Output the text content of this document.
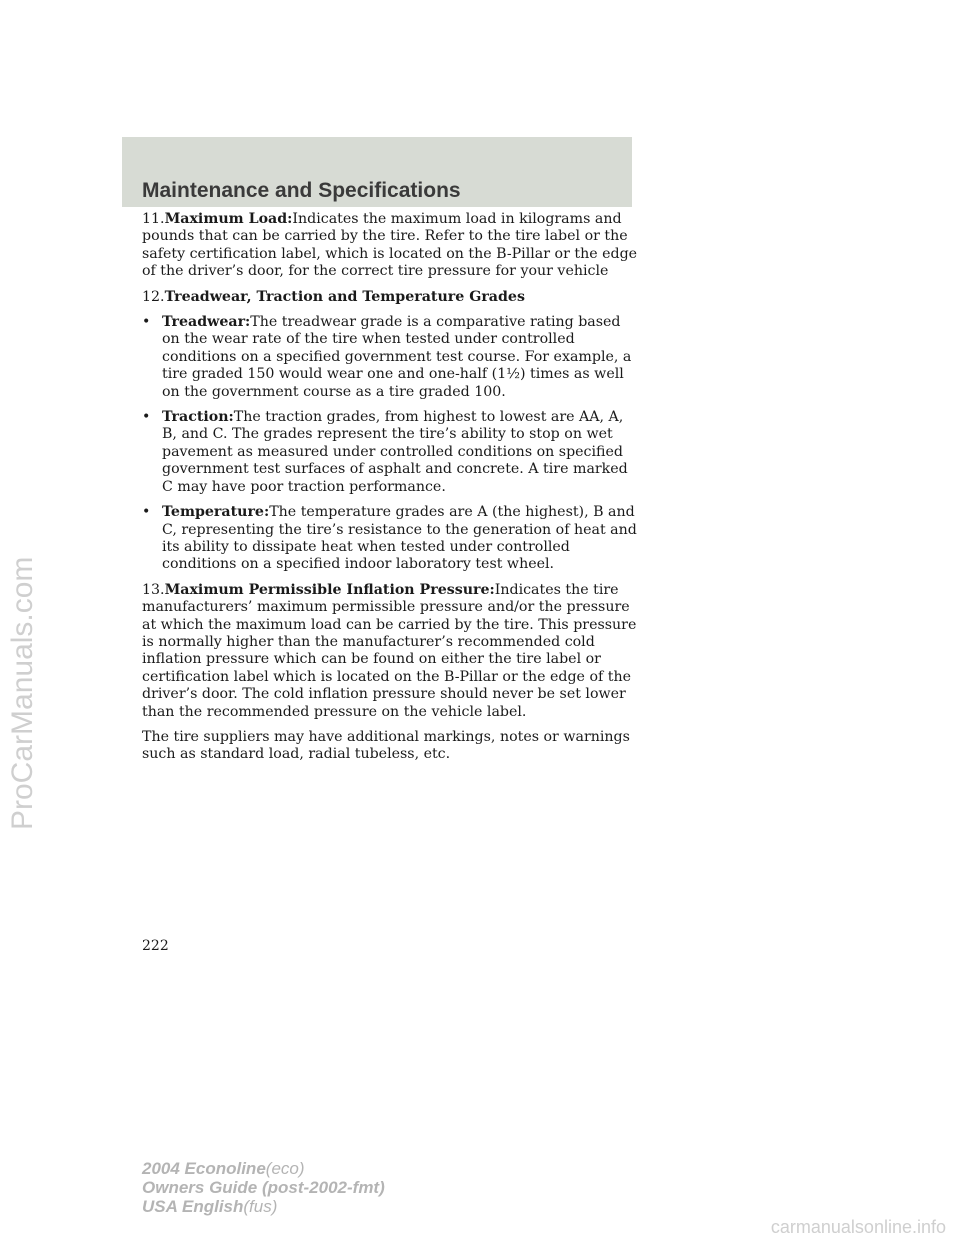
ProCarManuals.com
Maintenance and Specifications

11.Maximum Load:Indicates the maximum load in kilograms and pounds that can be carried by the tire. Refer to the tire label or the safety certification label, which is located on the B-Pillar or the edge of the driver’s door, for the correct tire pressure for your vehicle

12.Treadwear, Traction and Temperature Grades

• Treadwear:The treadwear grade is a comparative rating based on the wear rate of the tire when tested under controlled conditions on a specified government test course. For example, a tire graded 150 would wear one and one-half (1½) times as well on the government course as a tire graded 100.
• Traction:The traction grades, from highest to lowest are AA, A, B, and C. The grades represent the tire’s ability to stop on wet pavement as measured under controlled conditions on specified government test surfaces of asphalt and concrete. A tire marked C may have poor traction performance.
• Temperature:The temperature grades are A (the highest), B and C, representing the tire’s resistance to the generation of heat and its ability to dissipate heat when tested under controlled conditions on a specified indoor laboratory test wheel.

13.Maximum Permissible Inflation Pressure:Indicates the tire manufacturers’ maximum permissible pressure and/or the pressure at which the maximum load can be carried by the tire. This pressure is normally higher than the manufacturer’s recommended cold inflation pressure which can be found on either the tire label or certification label which is located on the B-Pillar or the edge of the driver’s door. The cold inflation pressure should never be set lower than the recommended pressure on the vehicle label.

The tire suppliers may have additional markings, notes or warnings such as standard load, radial tubeless, etc.

222
2004 Econoline(eco)
Owners Guide (post-2002-fmt)
USA English(fus)
carmanualsonline.info
